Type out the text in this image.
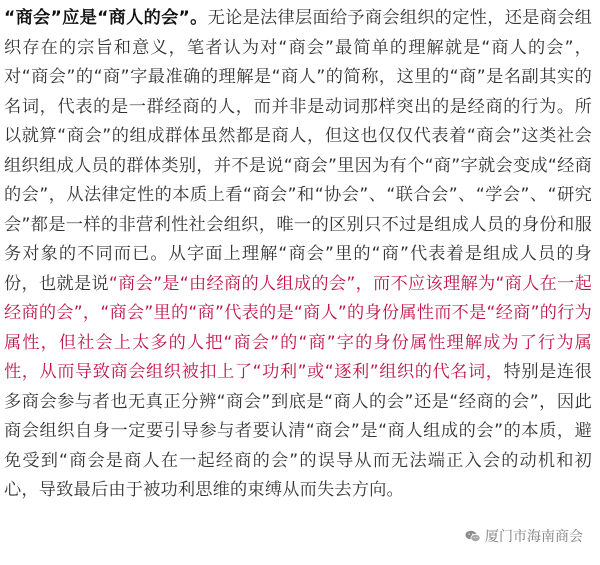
“商会”应是“商人的会”。无论是法律层面给予商会组织的定性，还是商会组织存在的宗旨和意义，笔者认为对“商会”最简单的理解就是“商人的会”，对“商会”的“商”字最准确的理解是“商人”的简称，这里的“商”是名副其实的名词，代表的是一群经商的人，而并非是动词那样突出的是经商的行为。所以就算“商会”的组成群体虽然都是商人，但这也仅仅代表着“商会”这类社会组织组成人员的群体类别，并不是说“商会”里因为有个“商”字就会变成“经商的会”，从法律定性的本质上看“商会”和“协会”、“联合会”、“学会”、“研究会”都是一样的非营利性社会组织，唯一的区别只不过是组成人员的身份和服务对象的不同而已。从字面上理解“商会”里的“商”代表着是组成人员的身份，也就是说“商会”是“由经商的人组成的会”，而不应该理解为“商人在一起经商的会”，“商会”里的“商”代表的是“商人”的身份属性而不是“经商”的行为属性，但社会上太多的人把“商会”的“商”字的身份属性理解成为了行为属性，从而导致商会组织被扣上了“功利”或“逐利”组织的代名词，特别是连很多商会参与者也无真正分辨“商会”到底是“商人的会”还是“经商的会”，因此商会组织自身一定要引导参与者要认清“商会”是“商人组成的会”的本质，避免受到“商会是商人在一起经商的会”的误导从而无法端正入会的动机和初心，导致最后由于被功利思维的束缚从而失去方向。

厦门市海南商会
